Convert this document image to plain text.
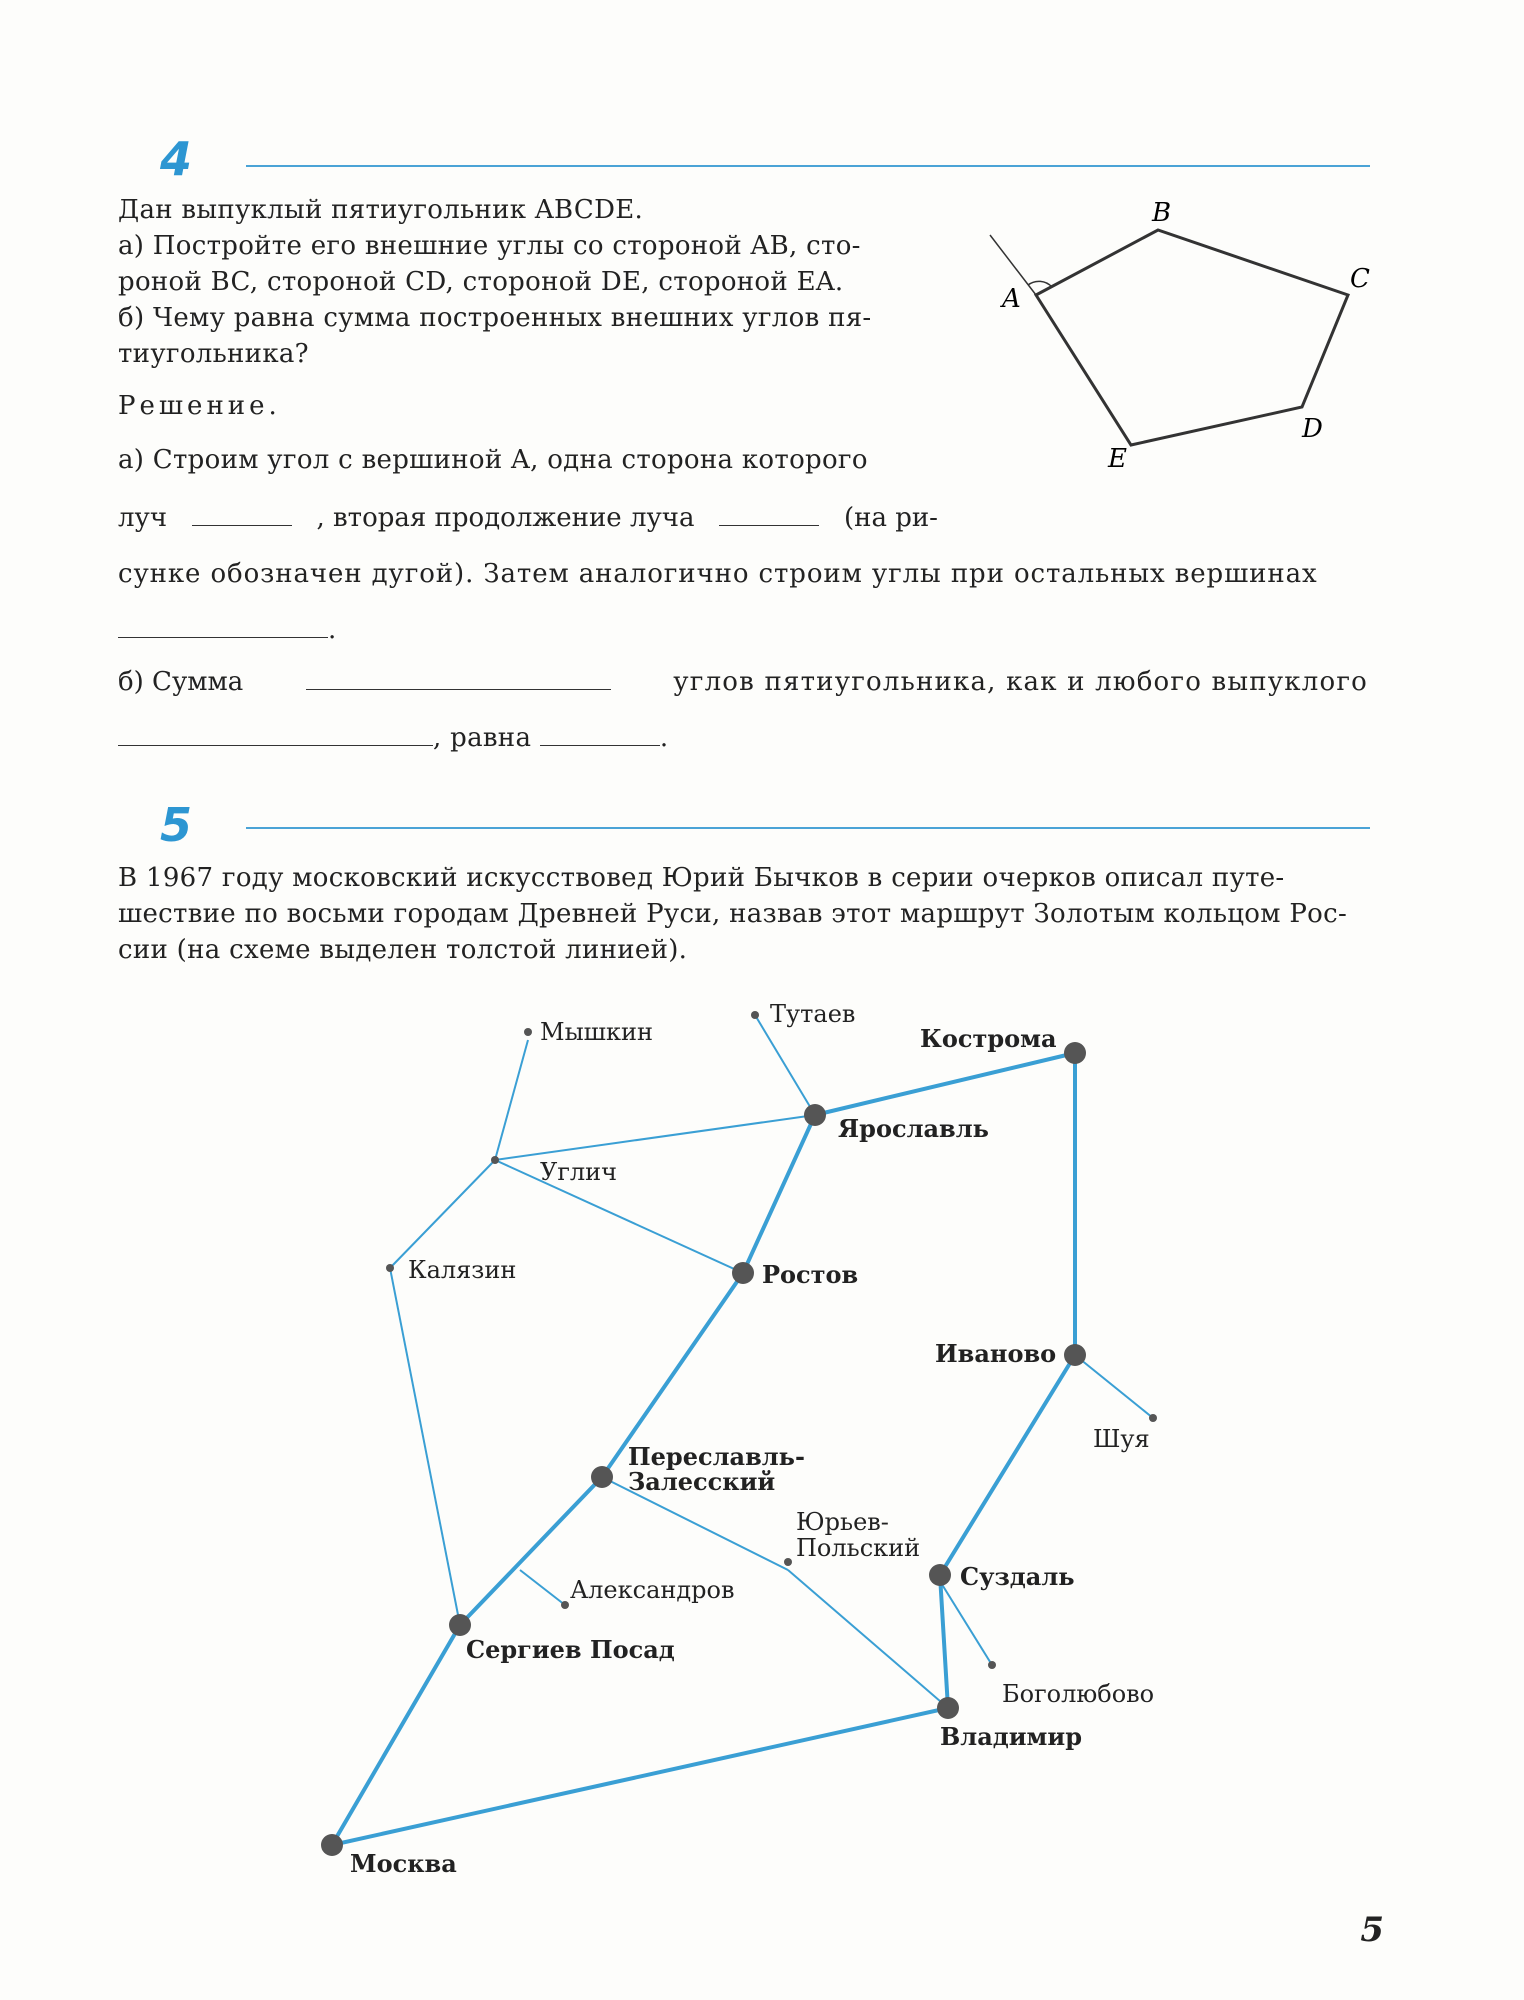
4
Дан выпуклый пятиугольник ABCDE.
а) Постройте его внешние углы со стороной AB, сто-
роной BC, стороной CD, стороной DE, стороной EA.
б) Чему равна сумма построенных внешних углов пя-
тиугольника?
A
B
C
D
E
Решение.
а) Строим угол с вершиной A, одна сторона которого
луч	, вторая продолжение луча	(на ри-
сунке обозначен дугой). Затем аналогично строим углы при остальных вершинах
.
б) Сумма	углов пятиугольника, как и любого выпуклого
, равна	.
5
В 1967 году московский искусствовед Юрий Бычков в серии очерков описал путе-
шествие по восьми городам Древней Руси, назвав этот маршрут Золотым кольцом Рос-
сии (на схеме выделен толстой линией).
Кострома
Ярославль
Ростов
Иваново
Переславль-
Залесский
Суздаль
Сергиев Посад
Владимир
Москва
Мышкин
Тутаев
Углич
Калязин
Шуя
Юрьев-
Польский
Александров
Боголюбово
5
